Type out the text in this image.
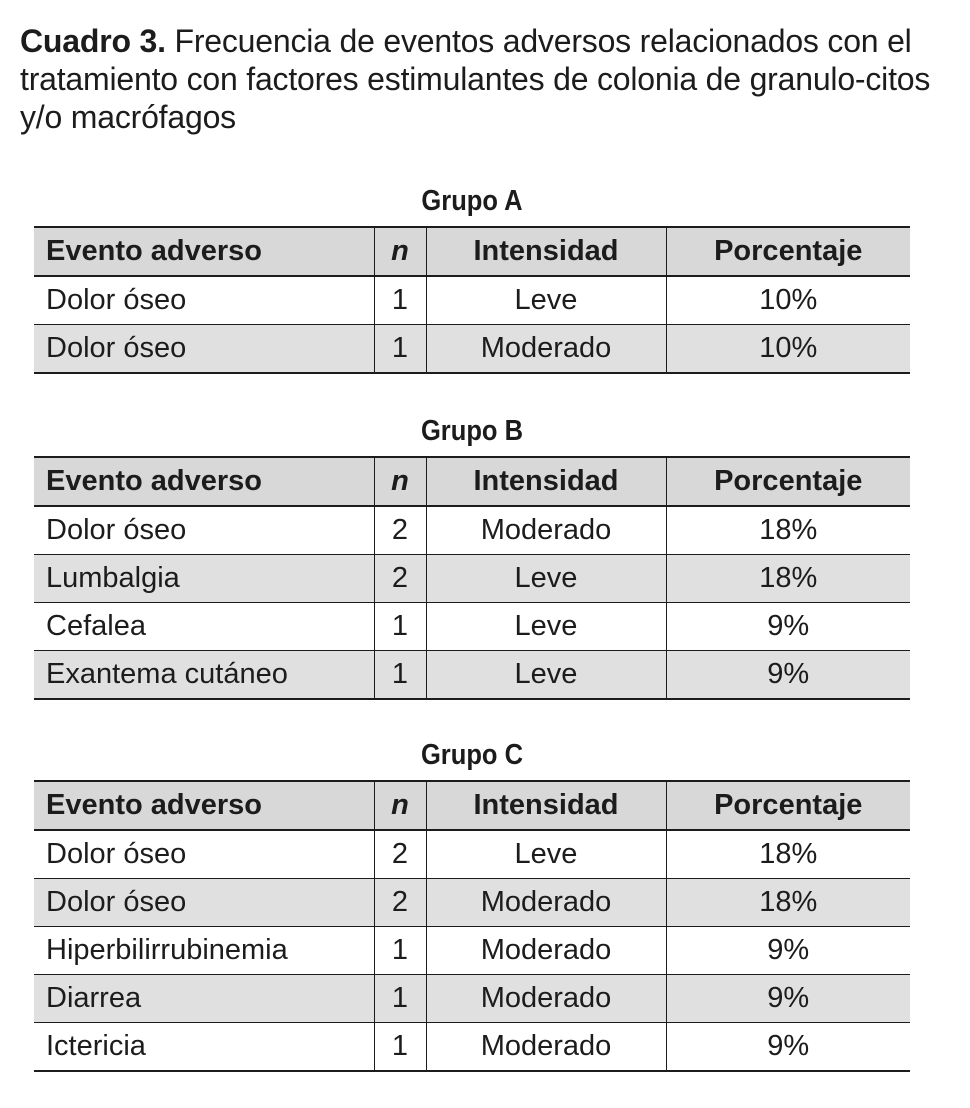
Cuadro 3. Frecuencia de eventos adversos relacionados con el tratamiento con factores estimulantes de colonia de granulo-citos y/o macrófagos
Grupo A
Evento adverso	n	Intensidad	Porcentaje
Dolor óseo	1	Leve	10%
Dolor óseo	1	Moderado	10%
Grupo B
Evento adverso	n	Intensidad	Porcentaje
Dolor óseo	2	Moderado	18%
Lumbalgia	2	Leve	18%
Cefalea	1	Leve	9%
Exantema cutáneo	1	Leve	9%
Grupo C
Evento adverso	n	Intensidad	Porcentaje
Dolor óseo	2	Leve	18%
Dolor óseo	2	Moderado	18%
Hiperbilirrubinemia	1	Moderado	9%
Diarrea	1	Moderado	9%
Ictericia	1	Moderado	9%
